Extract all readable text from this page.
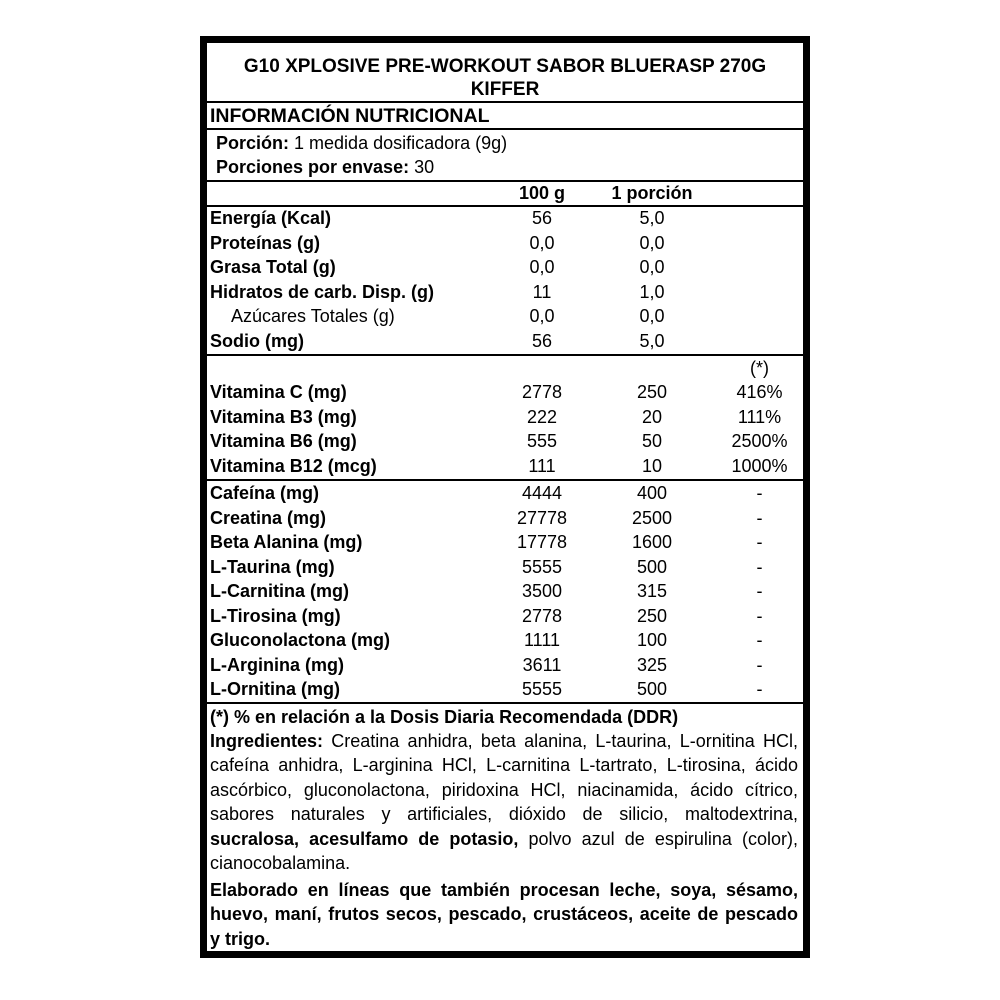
G10 XPLOSIVE PRE-WORKOUT SABOR BLUERASP 270G
KIFFER
INFORMACIÓN NUTRICIONAL
Porción: 1 medida dosificadora (9g)
Porciones por envase: 30
100 g	1 porción
Energía (Kcal)	56	5,0
Proteínas (g)	0,0	0,0
Grasa Total (g)	0,0	0,0
Hidratos de carb. Disp. (g)	11	1,0
Azúcares Totales (g)	0,0	0,0
Sodio (mg)	56	5,0
(*)
Vitamina C (mg)	2778	250	416%
Vitamina B3 (mg)	222	20	111%
Vitamina B6 (mg)	555	50	2500%
Vitamina B12 (mcg)	111	10	1000%
Cafeína (mg)	4444	400	-
Creatina (mg)	27778	2500	-
Beta Alanina (mg)	17778	1600	-
L-Taurina (mg)	5555	500	-
L-Carnitina (mg)	3500	315	-
L-Tirosina (mg)	2778	250	-
Gluconolactona (mg)	1111	100	-
L-Arginina (mg)	3611	325	-
L-Ornitina (mg)	5555	500	-
(*) % en relación a la Dosis Diaria Recomendada (DDR)
Ingredientes: Creatina anhidra, beta alanina, L-taurina, L-ornitina HCl, cafeína anhidra, L-arginina HCl, L-carnitina L-tartrato, L-tirosina, ácido ascórbico, gluconolactona, piridoxina HCl, niacinamida, ácido cítrico, sabores naturales y artificiales, dióxido de silicio, maltodextrina, sucralosa, acesulfamo de potasio, polvo azul de espirulina (color), cianocobalamina.
Elaborado en líneas que también procesan leche, soya, sésamo, huevo, maní, frutos secos, pescado, crustáceos, aceite de pescado y trigo.
